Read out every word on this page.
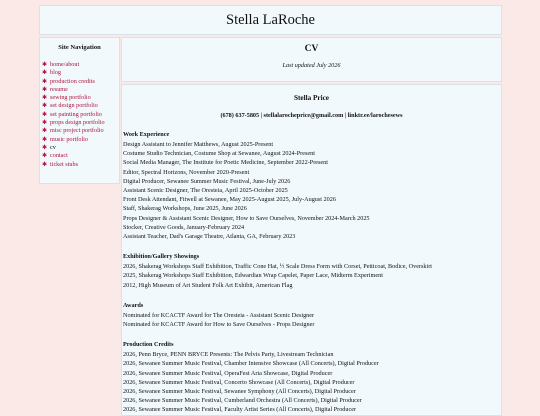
Stella LaRoche
Site Navigation
✱ home/about
✱ blog
✱ production credits
✱ resume
✱ sewing portfolio
✱ set design portfolio
✱ set painting portfolio
✱ props design portfolio
✱ misc project portfolio
✱ music portfolio
✱ cv
✱ contact
✱ ticket stubs
CV
Last updated July 2026
Stella Price
(678) 637-5805 | stellalarocheprice@gmail.com | linktr.ee/larochesews
Work Experience
Design Assistant to Jennifer Matthews, August 2025-Present
Costume Studio Technician, Costume Shop at Sewanee, August 2024-Present
Social Media Manager, The Institute for Poetic Medicine, September 2022-Present
Editor, Spectral Horizons, November 2020-Present
Digital Producer, Sewanee Summer Music Festival, June-July 2026
Assistant Scenic Designer, The Oresteia, April 2025-October 2025
Front Desk Attendant, Fitwell at Sewanee, May 2025-August 2025, July-August 2026
Staff, Shakerag Workshops, June 2025, June 2026
Props Designer & Assistant Scenic Designer, How to Save Ourselves, November 2024-March 2025
Stocker, Creative Goods, January-February 2024
Assistant Teacher, Dad's Garage Theatre, Atlanta, GA, February 2023
Exhibition/Gallery Showings
2026, Shakerag Workshops Staff Exhibition, Traffic Cone Hat, ½ Scale Dress Form with Corset, Petticoat, Bodice, Overskirt
2025, Shakerag Workshops Staff Exhibition, Edwardian Wrap Capelet, Paper Lace, Midterm Experiment
2012, High Museum of Art Student Folk Art Exhibit, American Flag
Awards
Nominated for KCACTF Award for The Oresteia - Assistant Scenic Designer
Nominated for KCACTF Award for How to Save Ourselves - Props Designer
Production Credits
2026, Penn Bryce, PENN BRYCE Presents: The Pelvis Party, Livestream Technician
2026, Sewanee Summer Music Festival, Chamber Intensive Showcase (All Concerts), Digital Producer
2026, Sewanee Summer Music Festival, OperaFest Aria Showcase, Digital Producer
2026, Sewanee Summer Music Festival, Concerto Showcase (All Concerts), Digital Producer
2026, Sewanee Summer Music Festival, Sewanee Symphony (All Concerts), Digital Producer
2026, Sewanee Summer Music Festival, Cumberland Orchestra (All Concerts), Digital Producer
2026, Sewanee Summer Music Festival, Faculty Artist Series (All Concerts), Digital Producer
